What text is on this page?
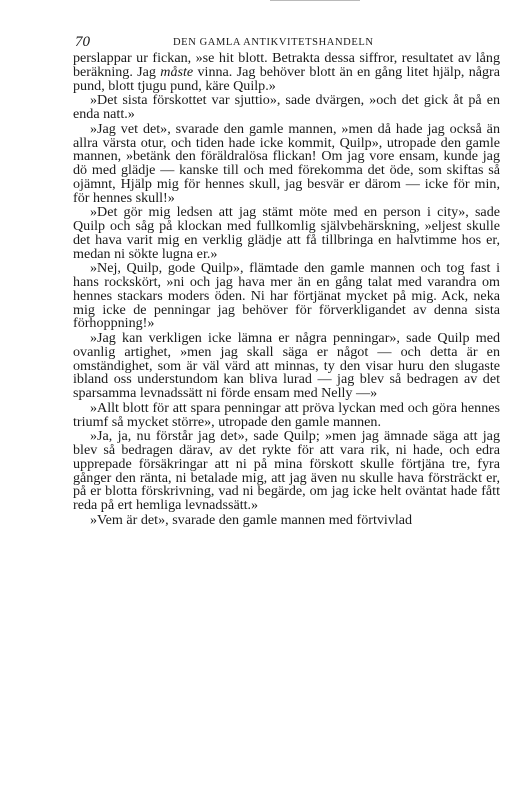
70	DEN GAMLA ANTIKVITETSHANDELN

perslappar ur fickan, »se hit blott. Betrakta dessa siffror, resultatet av lång beräkning. Jag måste vinna. Jag behöver blott än en gång litet hjälp, några pund, blott tjugu pund, käre Quilp.»

»Det sista förskottet var sjuttio», sade dvärgen, »och det gick åt på en enda natt.»

»Jag vet det», svarade den gamle mannen, »men då hade jag också än allra värsta otur, och tiden hade icke kommit, Quilp», utropade den gamle mannen, »betänk den föräldralösa flickan! Om jag vore ensam, kunde jag dö med glädje — kanske till och med förekomma det öde, som skiftas så ojämnt, Hjälp mig för hennes skull, jag besvär er därom — icke för min, för hennes skull!»

»Det gör mig ledsen att jag stämt möte med en person i city», sade Quilp och såg på klockan med fullkomlig självbehärskning, »eljest skulle det hava varit mig en verklig glädje att få tillbringa en halvtimme hos er, medan ni sökte lugna er.»

»Nej, Quilp, gode Quilp», flämtade den gamle mannen och tog fast i hans rockskört, »ni och jag hava mer än en gång talat med varandra om hennes stackars moders öden. Ni har förtjänat mycket på mig. Ack, neka mig icke de penningar jag behöver för förverkligandet av denna sista förhoppning!»

»Jag kan verkligen icke lämna er några penningar», sade Quilp med ovanlig artighet, »men jag skall säga er något — och detta är en omständighet, som är väl värd att minnas, ty den visar huru den slugaste ibland oss understundom kan bliva lurad — jag blev så bedragen av det sparsamma levnadssätt ni förde ensam med Nelly —»

»Allt blott för att spara penningar att pröva lyckan med och göra hennes triumf så mycket större», utropade den gamle mannen.

»Ja, ja, nu förstår jag det», sade Quilp; »men jag ämnade säga att jag blev så bedragen därav, av det rykte för att vara rik, ni hade, och edra upprepade försäkringar att ni på mina förskott skulle förtjäna tre, fyra gånger den ränta, ni betalade mig, att jag även nu skulle hava försträckt er, på er blotta förskrivning, vad ni begärde, om jag icke helt oväntat hade fått reda på ert hemliga levnadssätt.»

»Vem är det», svarade den gamle mannen med förtvivlad
